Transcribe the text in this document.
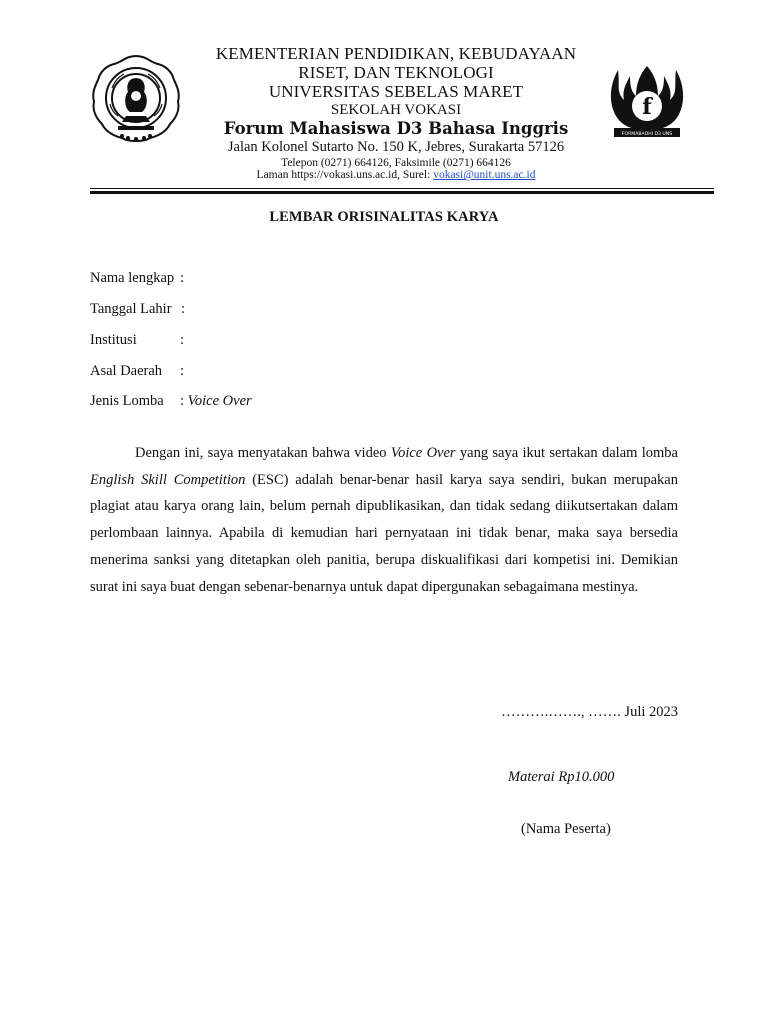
KEMENTERIAN PENDIDIKAN, KEBUDAYAAN
RISET, DAN TEKNOLOGI
UNIVERSITAS SEBELAS MARET
SEKOLAH VOKASI
Forum Mahasiswa D3 Bahasa Inggris
Jalan Kolonel Sutarto No. 150 K, Jebres, Surakarta 57126
Telepon (0271) 664126, Faksimile (0271) 664126
Laman https://vokasi.uns.ac.id, Surel: vokasi@unit.uns.ac.id
f
FORMABADHI D3 UNS
LEMBAR ORISINALITAS KARYA
Nama lengkap :
Tanggal Lahir :
Institusi	:
Asal Daerah :
Jenis Lomba : Voice Over
Dengan ini, saya menyatakan bahwa video Voice Over yang saya ikut sertakan dalam lomba English Skill Competition (ESC) adalah benar-benar hasil karya saya sendiri, bukan merupakan plagiat atau karya orang lain, belum pernah dipublikasikan, dan tidak sedang diikutsertakan dalam perlombaan lainnya. Apabila di kemudian hari pernyataan ini tidak benar, maka saya bersedia menerima sanksi yang ditetapkan oleh panitia, berupa diskualifikasi dari kompetisi ini. Demikian surat ini saya buat dengan sebenar-benarnya untuk dapat dipergunakan sebagaimana mestinya.
……….……., ……. Juli 2023
Materai Rp10.000
(Nama Peserta)
